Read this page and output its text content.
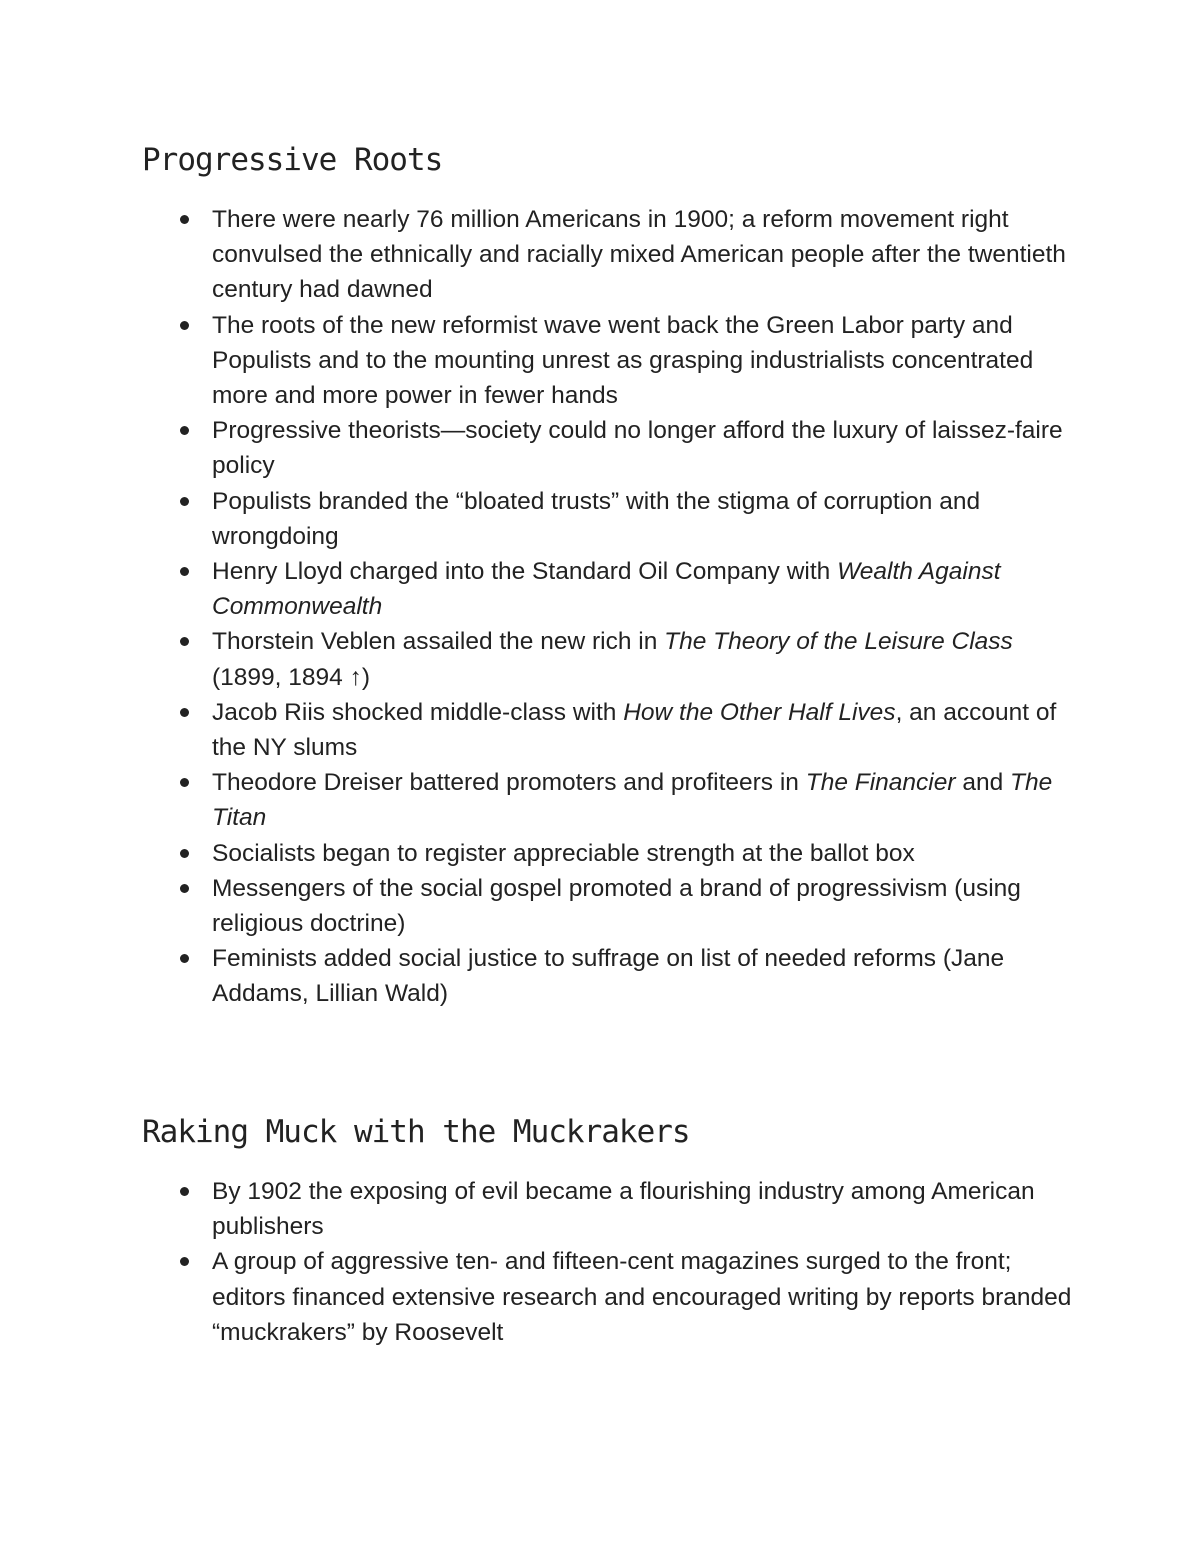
Progressive Roots
There were nearly 76 million Americans in 1900; a reform movement right convulsed the ethnically and racially mixed American people after the twentieth century had dawned
The roots of the new reformist wave went back the Green Labor party and Populists and to the mounting unrest as grasping industrialists concentrated more and more power in fewer hands
Progressive theorists—society could no longer afford the luxury of laissez-faire policy
Populists branded the “bloated trusts” with the stigma of corruption and wrongdoing
Henry Lloyd charged into the Standard Oil Company with Wealth Against Commonwealth
Thorstein Veblen assailed the new rich in The Theory of the Leisure Class (1899, 1894 ↑)
Jacob Riis shocked middle-class with How the Other Half Lives, an account of the NY slums
Theodore Dreiser battered promoters and profiteers in The Financier and The Titan
Socialists began to register appreciable strength at the ballot box
Messengers of the social gospel promoted a brand of progressivism (using religious doctrine)
Feminists added social justice to suffrage on list of needed reforms (Jane Addams, Lillian Wald)
Raking Muck with the Muckrakers
By 1902 the exposing of evil became a flourishing industry among American publishers
A group of aggressive ten- and fifteen-cent magazines surged to the front; editors financed extensive research and encouraged writing by reports branded “muckrakers” by Roosevelt
